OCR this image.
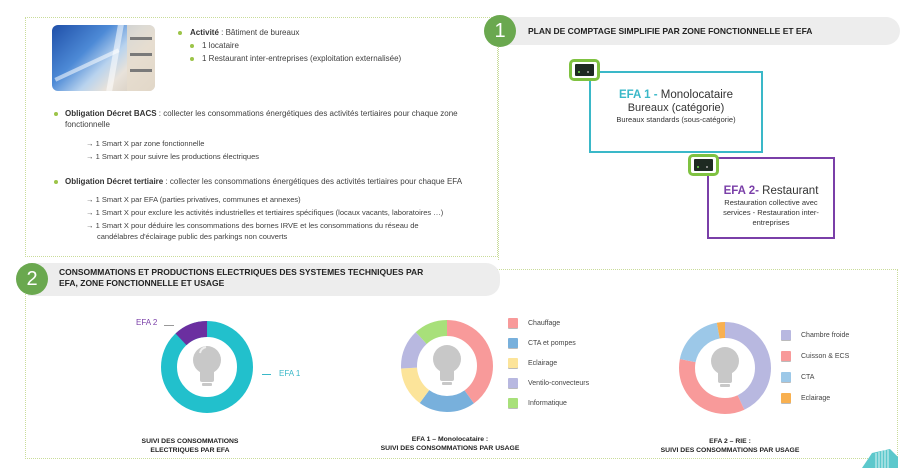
Activité : Bâtiment de bureaux
1 locataire
1 Restaurant inter-entreprises (exploitation externalisée)
Obligation Décret BACS : collecter les consommations énergétiques des activités tertiaires pour chaque zone
fonctionnelle
→ 1 Smart X par zone fonctionnelle
→ 1 Smart X pour suivre les productions électriques
Obligation Décret tertiaire : collecter les consommations énergétiques des activités tertiaires pour chaque EFA
→ 1 Smart X par EFA (parties privatives, communes et annexes)
→ 1 Smart X pour exclure les activités industrielles et tertiaires spécifiques (locaux vacants, laboratoires …)
→ 1 Smart X pour déduire les consommations des bornes IRVE et les consommations du réseau de
candélabres d'éclairage public des parkings non couverts
1	PLAN DE COMPTAGE SIMPLIFIE PAR ZONE FONCTIONNELLE ET EFA
EFA 1 - Monolocataire
Bureaux (catégorie)
Bureaux standards (sous-catégorie)
EFA 2- Restaurant
Restauration collective avec
services - Restauration inter-
entreprises
2	CONSOMMATIONS ET PRODUCTIONS ELECTRIQUES DES SYSTEMES TECHNIQUES PAR
EFA, ZONE FONCTIONNELLE ET USAGE
EFA 2
EFA 1
SUIVI DES CONSOMMATIONS
ELECTRIQUES PAR EFA
Chauffage
CTA et pompes
Eclairage
Ventilo-convecteurs
Informatique
EFA 1 – Monolocataire :
SUIVI DES CONSOMMATIONS PAR USAGE
Chambre froide
Cuisson & ECS
CTA
Eclairage
EFA 2 – RIE :
SUIVI DES CONSOMMATIONS PAR USAGE
